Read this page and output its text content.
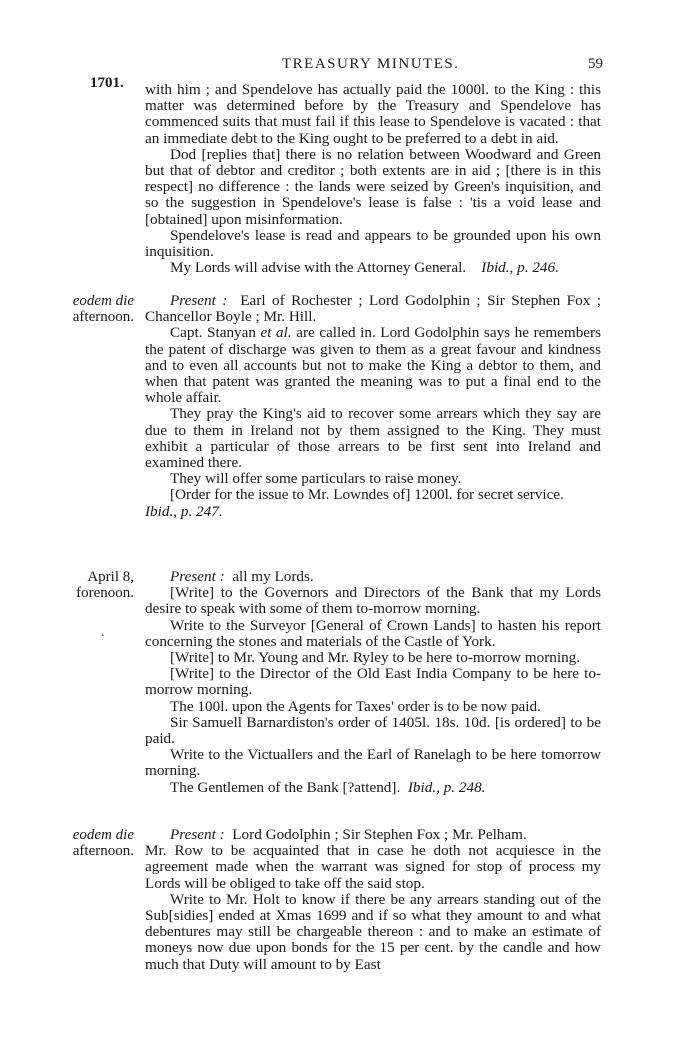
TREASURY MINUTES.	59
1701. with him ; and Spendelove has actually paid the 1000l. to the King : this matter was determined before by the Treasury and Spendelove has commenced suits that must fail if this lease to Spendelove is vacated : that an immediate debt to the King ought to be preferred to a debt in aid.

Dod [replies that] there is no relation between Woodward and Green but that of debtor and creditor ; both extents are in aid ; [there is in this respect] no difference : the lands were seized by Green's inquisition, and so the suggestion in Spendelove's lease is false : 'tis a void lease and [obtained] upon misinformation.

Spendelove's lease is read and appears to be grounded upon his own inquisition.

My Lords will advise with the Attorney General. Ibid., p. 246.

eodem die
afternoon.

Present : Earl of Rochester ; Lord Godolphin ; Sir Stephen Fox ; Chancellor Boyle ; Mr. Hill.

Capt. Stanyan et al. are called in. Lord Godolphin says he remembers the patent of discharge was given to them as a great favour and kindness and to even all accounts but not to make the King a debtor to them, and when that patent was granted the meaning was to put a final end to the whole affair.

They pray the King's aid to recover some arrears which they say are due to them in Ireland not by them assigned to the King. They must exhibit a particular of those arrears to be first sent into Ireland and examined there.

They will offer some particulars to raise money.

[Order for the issue to Mr. Lowndes of] 1200l. for secret service.

Ibid., p. 247.

April 8,
forenoon.
.

Present : all my Lords.

[Write] to the Governors and Directors of the Bank that my Lords desire to speak with some of them to-morrow morning.

Write to the Surveyor [General of Crown Lands] to hasten his report concerning the stones and materials of the Castle of York.

[Write] to Mr. Young and Mr. Ryley to be here to-morrow morning.

[Write] to the Director of the Old East India Company to be here to-morrow morning.

The 100l. upon the Agents for Taxes' order is to be now paid.

Sir Samuell Barnardiston's order of 1405l. 18s. 10d. [is ordered] to be paid.

Write to the Victuallers and the Earl of Ranelagh to be here tomorrow morning.

The Gentlemen of the Bank [?attend]. Ibid., p. 248.

eodem die
afternoon.

Present : Lord Godolphin ; Sir Stephen Fox ; Mr. Pelham.

Mr. Row to be acquainted that in case he doth not acquiesce in the agreement made when the warrant was signed for stop of process my Lords will be obliged to take off the said stop.

Write to Mr. Holt to know if there be any arrears standing out of the Sub[sidies] ended at Xmas 1699 and if so what they amount to and what debentures may still be chargeable thereon : and to make an estimate of moneys now due upon bonds for the 15 per cent. by the candle and how much that Duty will amount to by East
